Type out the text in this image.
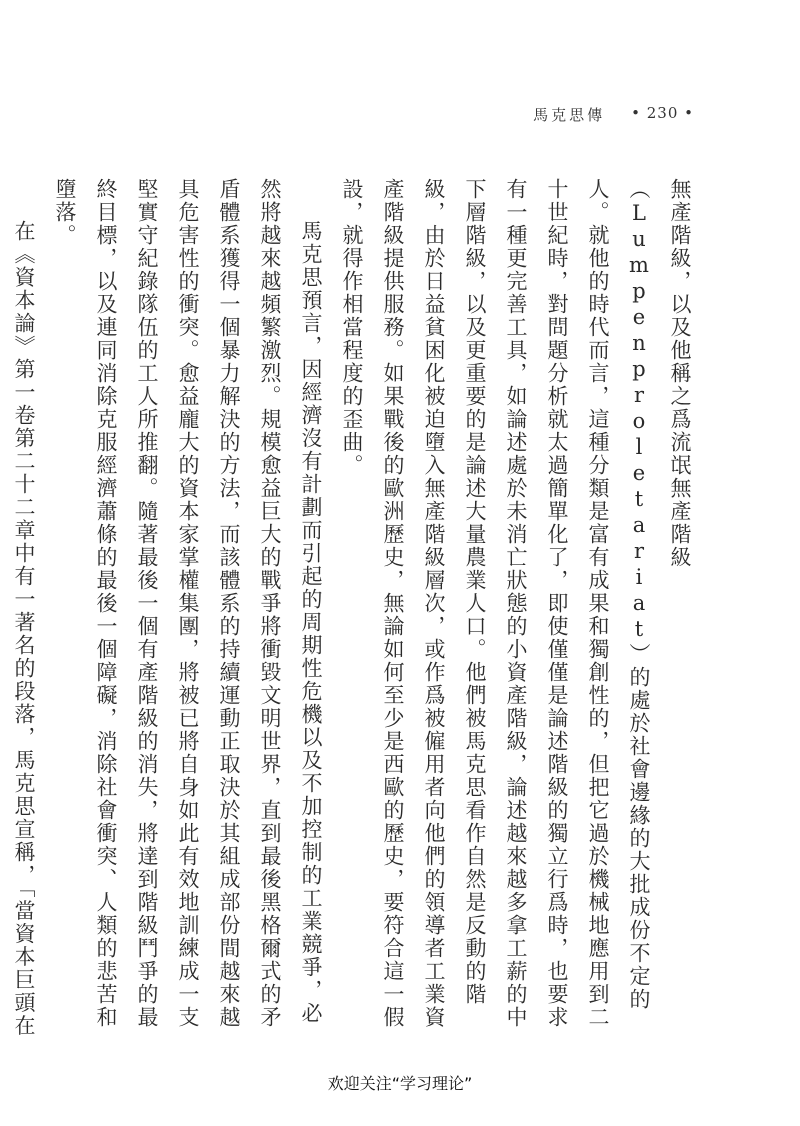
馬克思傳 • 230 •

無產階級，以及他稱之爲流氓無產階級（Lumpenproletariat）的處於社會邊緣的大批成份不定的人。就他的時代而言，這種分類是富有成果和獨創性的，但把它過於機械地應用到二十世紀時，對問題分析就太過簡單化了，即使僅僅是論述階級的獨立行爲時，也要求有一種更完善工具，如論述處於未消亡狀態的小資產階級，論述越來越多拿工薪的中下層階級，以及更重要的是論述大量農業人口。他們被馬克思看作自然是反動的階級，由於日益貧困化被迫墮入無產階級層次，或作爲被僱用者向他們的領導者工業資產階級提供服務。如果戰後的歐洲歷史，無論如何至少是西歐的歷史，要符合這一假設，就得作相當程度的歪曲。

馬克思預言，因經濟沒有計劃而引起的周期性危機以及不加控制的工業競爭，必然將越來越頻繁激烈。規模愈益巨大的戰爭將衝毀文明世界，直到最後黑格爾式的矛盾體系獲得一個暴力解決的方法，而該體系的持續運動正取決於其組成部份間越來越具危害性的衝突。愈益龐大的資本家掌權集團，將被已將自身如此有效地訓練成一支堅實守紀錄隊伍的工人所推翻。隨著最後一個有產階級的消失，將達到階級鬥爭的最終目標，以及連同消除克服經濟蕭條的最後一個障礙，消除社會衝突、人類的悲苦和墮落。

在《資本論》第一卷第二十二章中有一著名的段落，馬克思宣稱，「當資本巨頭在

欢迎关注“学习理论”
